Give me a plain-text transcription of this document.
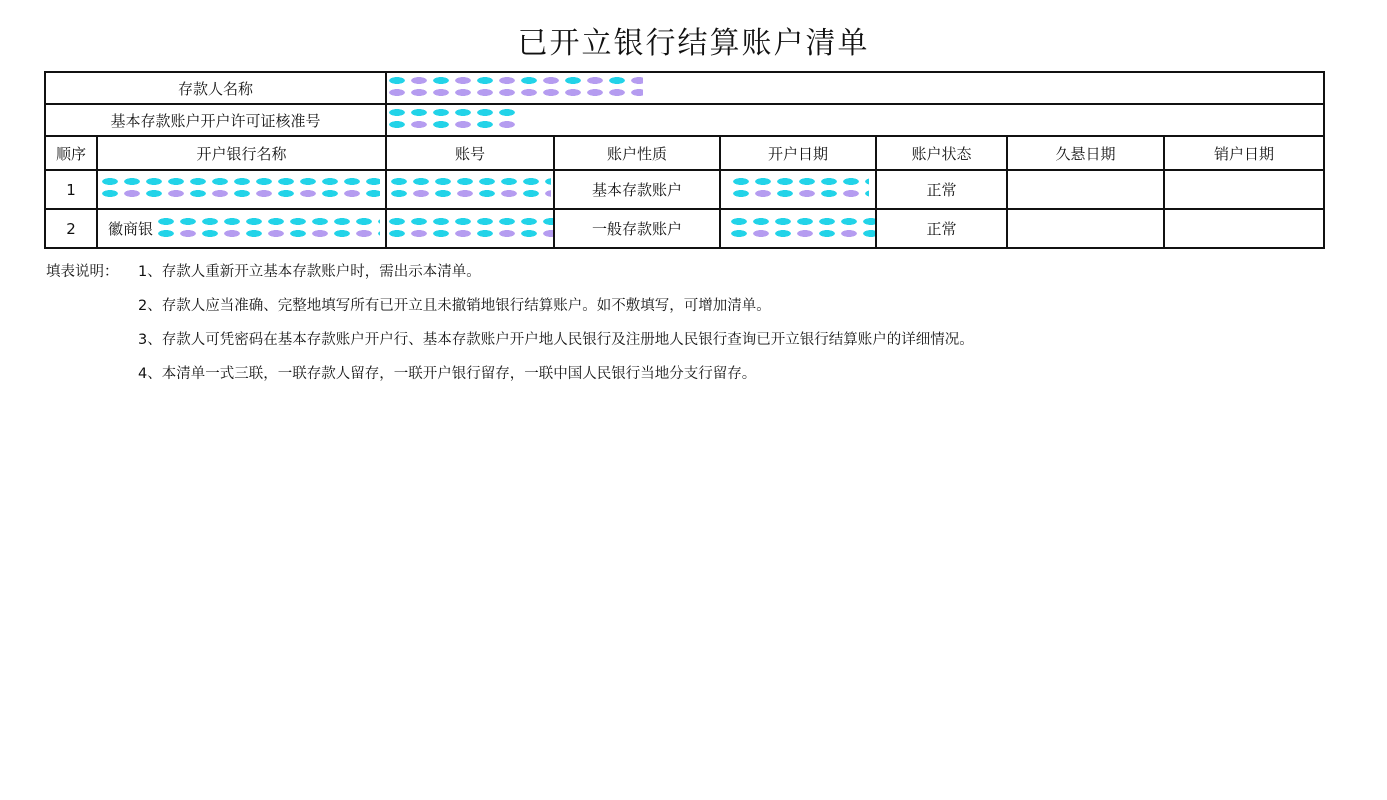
已开立银行结算账户清单
存款人名称							

基本存款账户开户许可证核准号							

顺序	开户银行名称	账号	账户性质	开户日期	账户状态	久悬日期	销户日期
1			基本存款账户		正常		
2	徽商银		一般存款账户		正常		
填表说明： 1、存款人重新开立基本存款账户时，需出示本清单。
2、存款人应当准确、完整地填写所有已开立且未撤销地银行结算账户。如不敷填写，可增加清单。
3、存款人可凭密码在基本存款账户开户行、基本存款账户开户地人民银行及注册地人民银行查询已开立银行结算账户的详细情况。
4、本清单一式三联，一联存款人留存，一联开户银行留存，一联中国人民银行当地分支行留存。
